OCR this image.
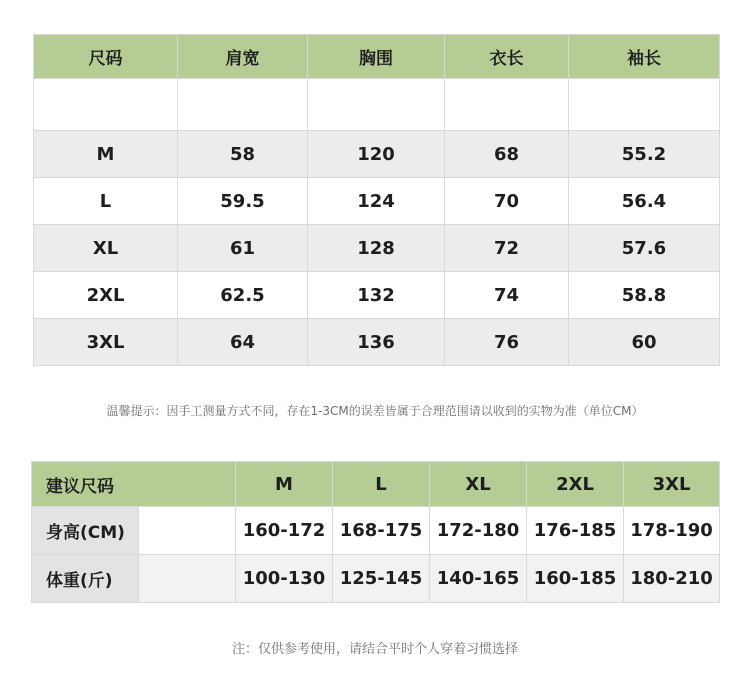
尺码	肩宽	胸围	衣长	袖长

M	58	120	68	55.2
L	59.5	124	70	56.4
XL	61	128	72	57.6
2XL	62.5	132	74	58.8
3XL	64	136	76	60
温馨提示：因手工测量方式不同，存在1-3CM的误差皆属于合理范围请以收到的实物为准（单位CM）
建议尺码		M	L	XL	2XL	3XL
身高(CM)		160-172	168-175	172-180	176-185	178-190
体重(斤)		100-130	125-145	140-165	160-185	180-210
注：仅供参考使用，请结合平时个人穿着习惯选择
